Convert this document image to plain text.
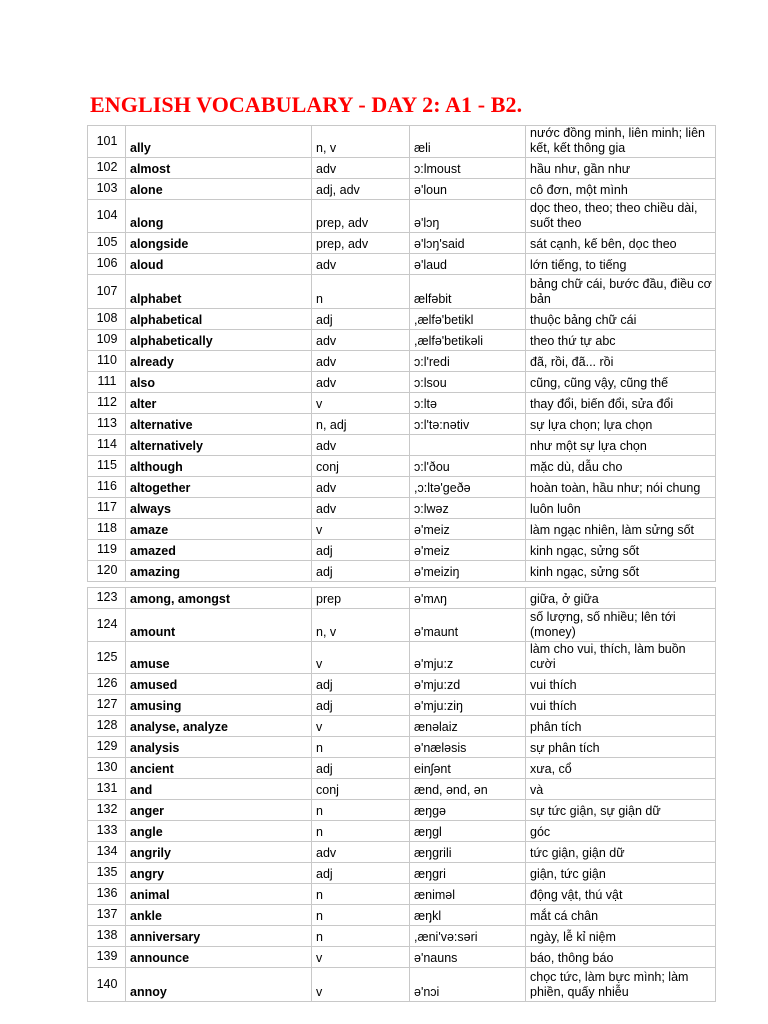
ENGLISH VOCABULARY - DAY 2: A1 - B2.
101	ally	n, v	æli	nước đồng minh, liên minh; liên kết, kết thông gia
102	almost	adv	ɔ:lmoust	hầu như, gần như
103	alone	adj, adv	ə'loun	cô đơn, một mình
104	along	prep, adv	ə'lɔŋ	dọc theo, theo; theo chiều dài, suốt theo
105	alongside	prep, adv	ə'lɔŋ'said	sát cạnh, kế bên, dọc theo
106	aloud	adv	ə'laud	lớn tiếng, to tiếng
107	alphabet	n	ælfəbit	bảng chữ cái, bước đầu, điều cơ bản
108	alphabetical	adj	,ælfə'betikl	thuộc bảng chữ cái
109	alphabetically	adv	,ælfə'betikəli	theo thứ tự abc
110	already	adv	ɔ:l'redi	đã, rồi, đã... rồi
111	also	adv	ɔ:lsou	cũng, cũng vậy, cũng thế
112	alter	v	ɔ:ltə	thay đổi, biến đổi, sửa đổi
113	alternative	n, adj	ɔ:l'tə:nətiv	sự lựa chọn; lựa chọn
114	alternatively	adv		như một sự lựa chọn
115	although	conj	ɔ:l'ðou	mặc dù, dẫu cho
116	altogether	adv	,ɔ:ltə'geðə	hoàn toàn, hầu như; nói chung
117	always	adv	ɔ:lwəz	luôn luôn
118	amaze	v	ə'meiz	làm ngạc nhiên, làm sửng sốt
119	amazed	adj	ə'meiz	kinh ngạc, sửng sốt
120	amazing	adj	ə'meiziŋ	kinh ngạc, sửng sốt

123	among, amongst	prep	ə'mʌŋ	giữa, ở giữa
124	amount	n, v	ə'maunt	số lượng, số nhiều; lên tới (money)
125	amuse	v	ə'mju:z	làm cho vui, thích, làm buồn cười
126	amused	adj	ə'mju:zd	vui thích
127	amusing	adj	ə'mju:ziŋ	vui thích
128	analyse, analyze	v	ænəlaiz	phân tích
129	analysis	n	ə'næləsis	sự phân tích
130	ancient	adj	einʃənt	xưa, cổ
131	and	conj	ænd, ənd, ən	và
132	anger	n	æŋgə	sự tức giận, sự giận dữ
133	angle	n	æŋgl	góc
134	angrily	adv	æŋgrili	tức giận, giận dữ
135	angry	adj	æŋgri	giận, tức giận
136	animal	n	æniməl	động vật, thú vật
137	ankle	n	æŋkl	mắt cá chân
138	anniversary	n	,æni'və:səri	ngày, lễ kỉ niệm
139	announce	v	ə'nauns	báo, thông báo
140	annoy	v	ə'nɔi	chọc tức, làm bực mình; làm phiền, quấy nhiễu
